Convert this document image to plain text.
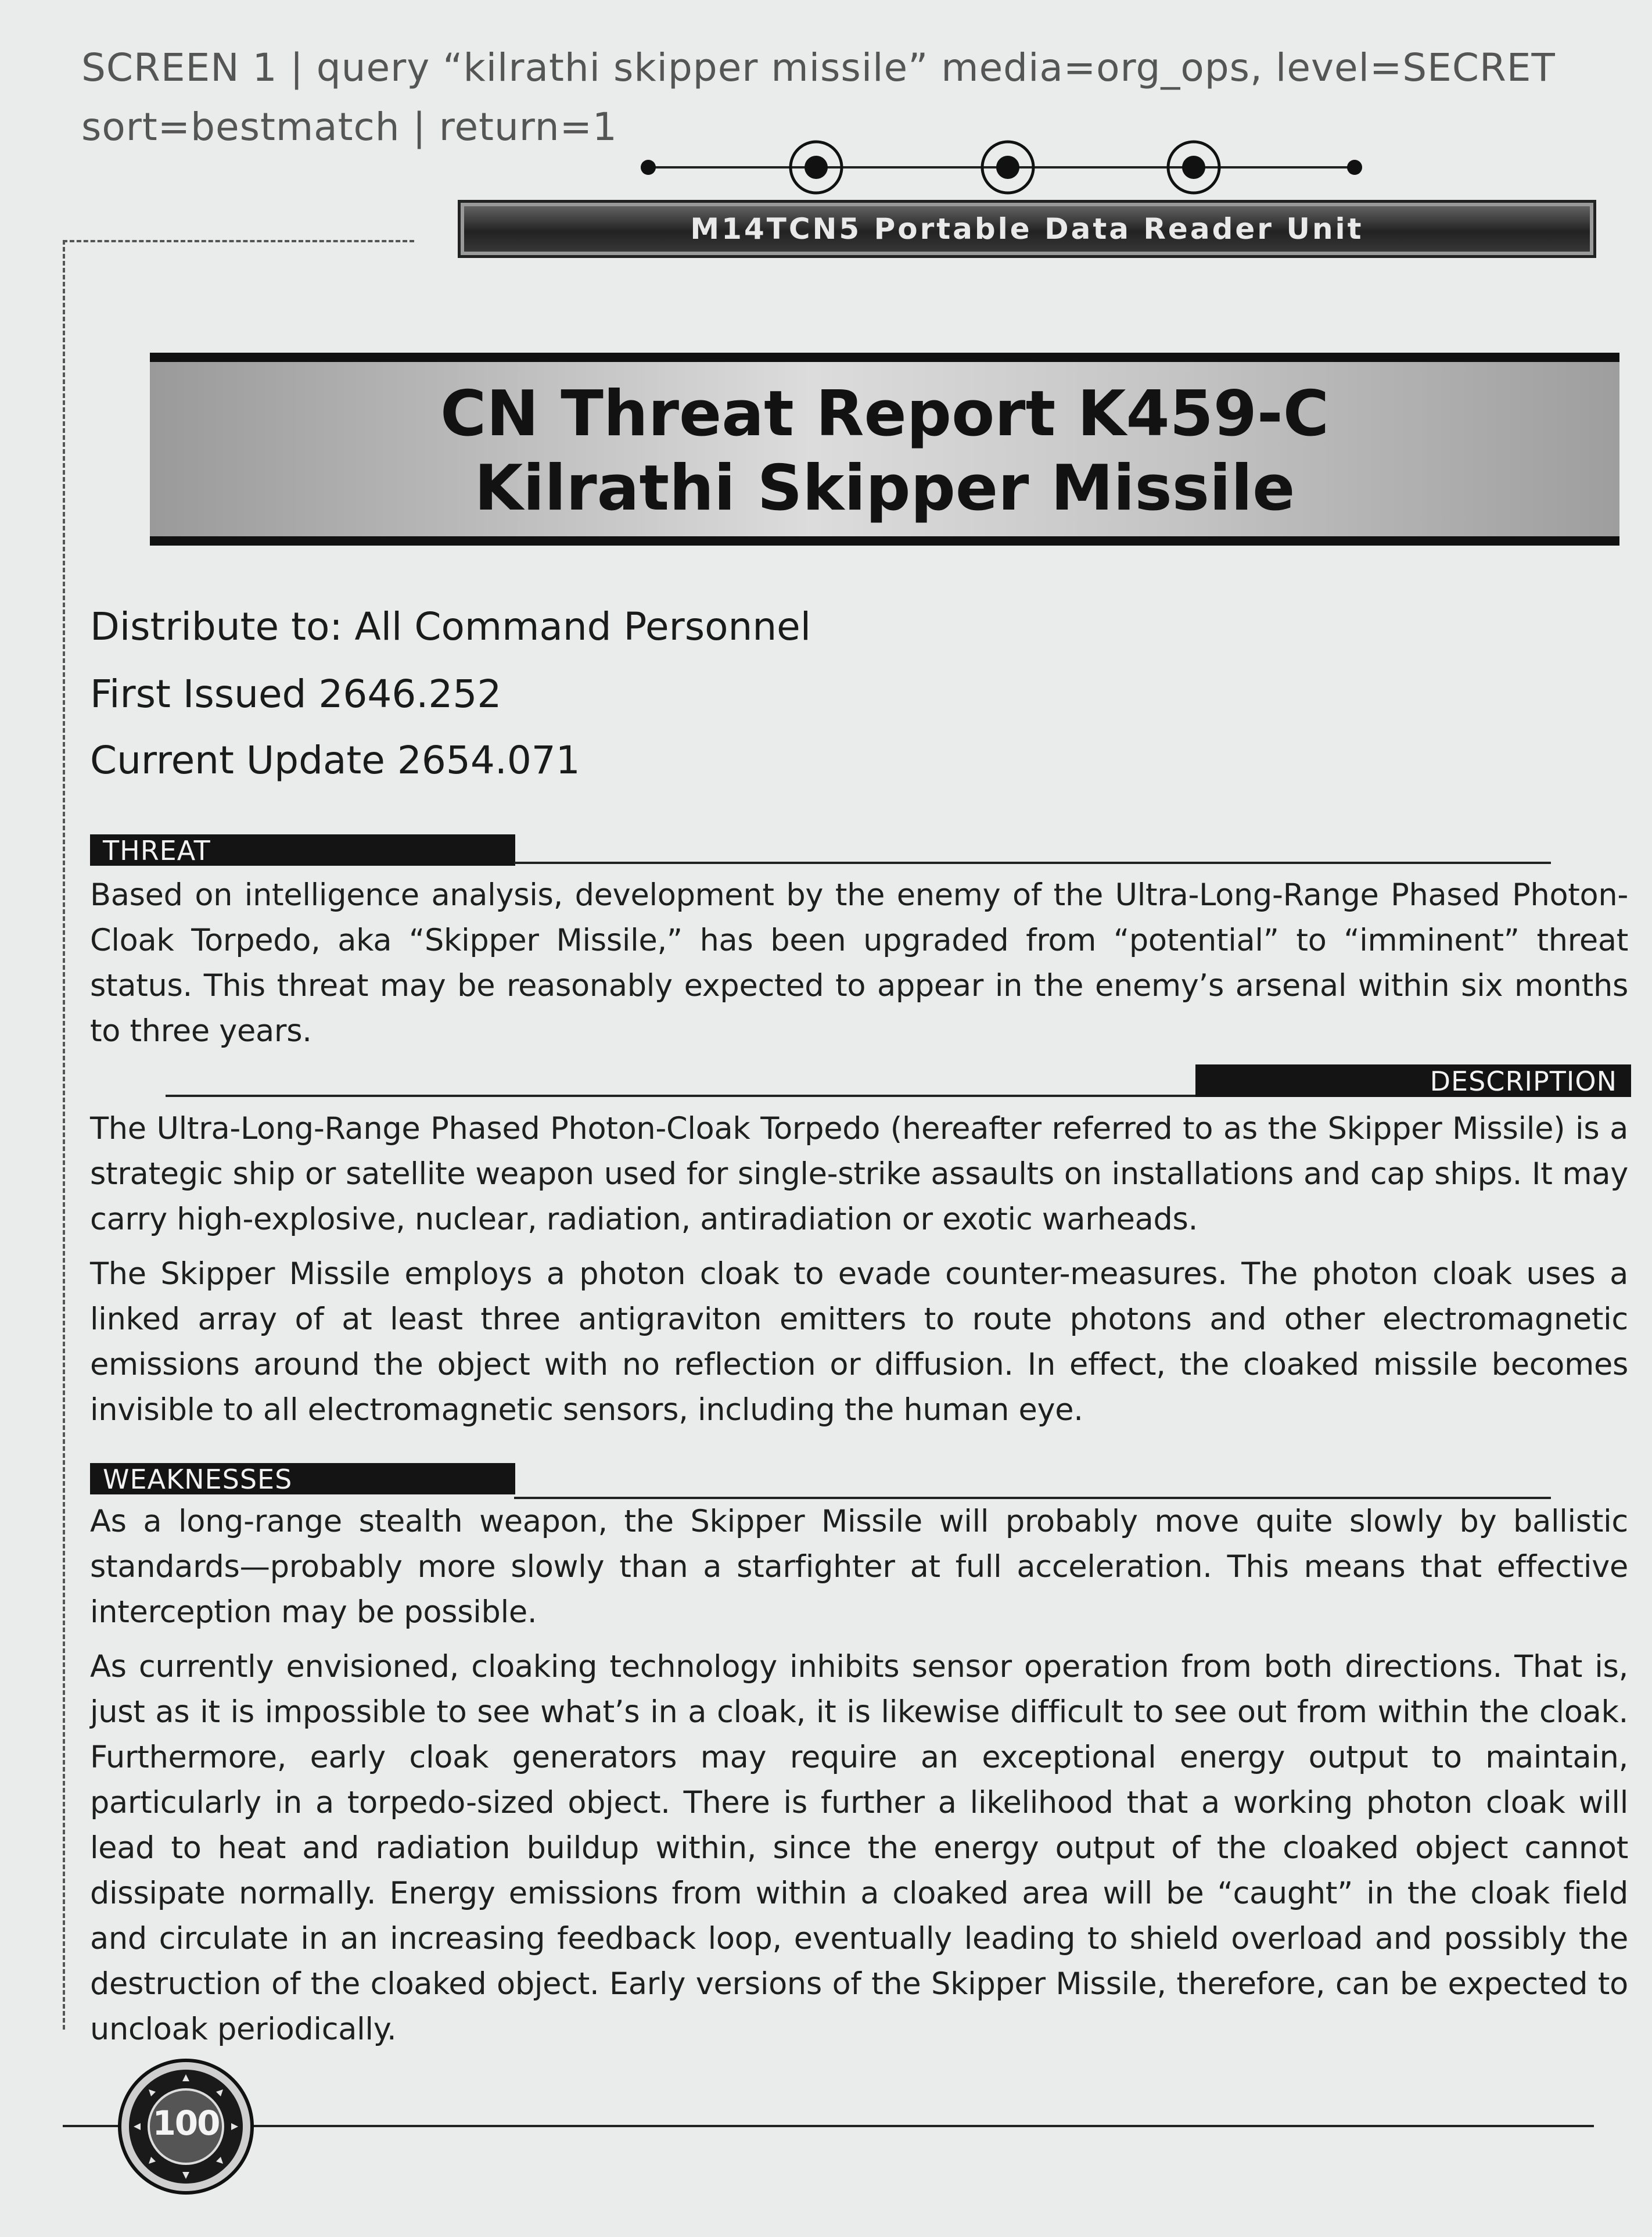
SCREEN 1 | query “kilrathi skipper missile” media=org_ops, level=SECRET
sort=bestmatch | return=1
M14TCN5 Portable Data Reader Unit
CN Threat Report K459-C
Kilrathi Skipper Missile
Distribute to: All Command Personnel
First Issued 2646.252
Current Update 2654.071
THREAT

Based on intelligence analysis, development by the enemy of the Ultra-Long-Range Phased Photon-Cloak Torpedo, aka “Skipper Missile,” has been upgraded from “potential” to “imminent” threat status. This threat may be reasonably expected to appear in the enemy’s arsenal within six months to three years.

DESCRIPTION

The Ultra-Long-Range Phased Photon-Cloak Torpedo (hereafter referred to as the Skipper Missile) is a strategic ship or satellite weapon used for single-strike assaults on installations and cap ships. It may carry high-explosive, nuclear, radiation, antiradiation or exotic warheads.

The Skipper Missile employs a photon cloak to evade counter-measures. The photon cloak uses a linked array of at least three antigraviton emitters to route photons and other electromagnetic emissions around the object with no reflection or diffusion. In effect, the cloaked missile becomes invisible to all electromagnetic sensors, including the human eye.

WEAKNESSES

As a long-range stealth weapon, the Skipper Missile will probably move quite slowly by ballistic standards—probably more slowly than a starfighter at full acceleration. This means that effective interception may be possible.

As currently envisioned, cloaking technology inhibits sensor operation from both directions. That is, just as it is impossible to see what’s in a cloak, it is likewise difficult to see out from within the cloak. Furthermore, early cloak generators may require an exceptional energy output to maintain, particularly in a torpedo-sized object. There is further a likelihood that a working photon cloak will lead to heat and radiation buildup within, since the energy output of the cloaked object cannot dissipate normally. Energy emissions from within a cloaked area will be “caught” in the cloak field and circulate in an increasing feedback loop, eventually leading to shield overload and possibly the destruction of the cloaked object. Early versions of the Skipper Missile, therefore, can be expected to uncloak periodically.

100
